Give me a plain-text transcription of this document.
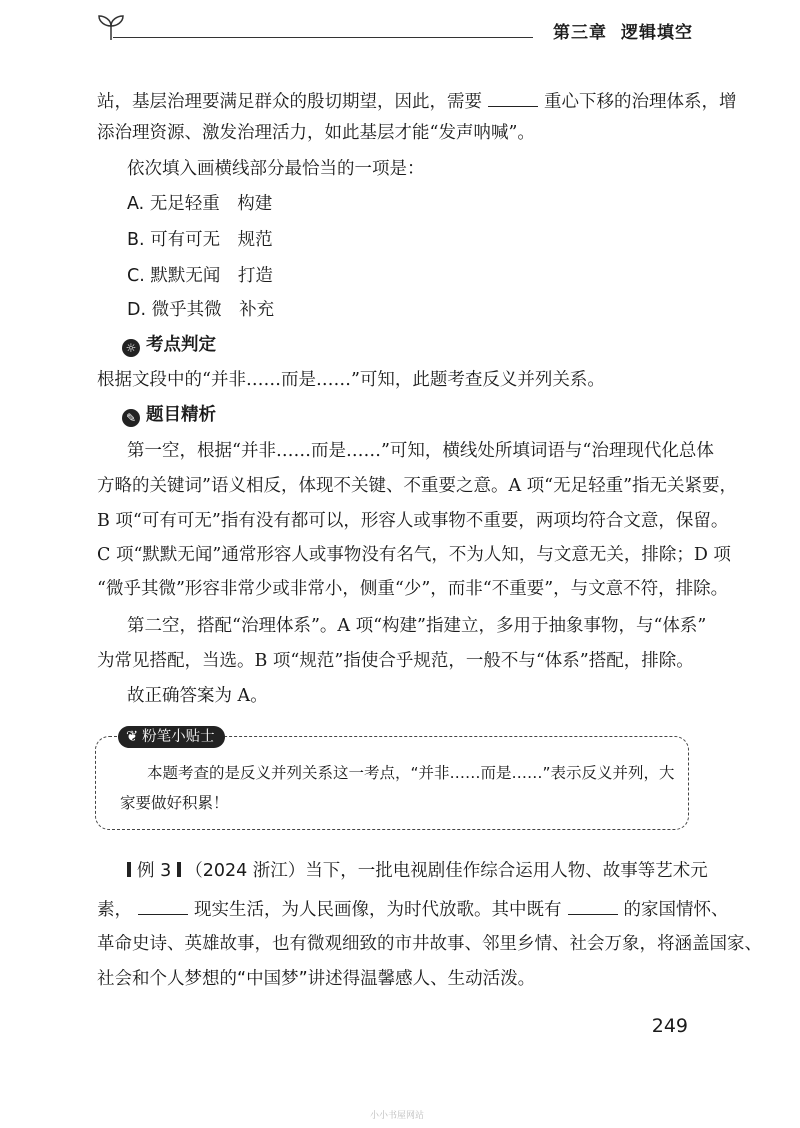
第三章 逻辑填空
站，基层治理要满足群众的殷切期望，因此，需要	重心下移的治理体系，增
添治理资源、激发治理活力，如此基层才能“发声呐喊”。
依次填入画横线部分最恰当的一项是：
A. 无足轻重　构建
B. 可有可无　规范
C. 默默无闻　打造
D. 微乎其微　补充
☼ 考点判定
根据文段中的“并非……而是……”可知，此题考查反义并列关系。
✎ 题目精析
第一空，根据“并非……而是……”可知，横线处所填词语与“治理现代化总体
方略的关键词”语义相反，体现不关键、不重要之意。A 项“无足轻重”指无关紧要，
B 项“可有可无”指有没有都可以，形容人或事物不重要，两项均符合文意，保留。
C 项“默默无闻”通常形容人或事物没有名气，不为人知，与文意无关，排除；D 项
“微乎其微”形容非常少或非常小，侧重“少”，而非“不重要”，与文意不符，排除。
第二空，搭配“治理体系”。A 项“构建”指建立，多用于抽象事物，与“体系”
为常见搭配，当选。B 项“规范”指使合乎规范，一般不与“体系”搭配，排除。
故正确答案为 A。
❦ 粉笔小贴士
本题考查的是反义并列关系这一考点，“并非……而是……”表示反义并列，大
家要做好积累！
例 3 （2024 浙江）当下，一批电视剧佳作综合运用人物、故事等艺术元
素，	现实生活，为人民画像，为时代放歌。其中既有	的家国情怀、
革命史诗、英雄故事，也有微观细致的市井故事、邻里乡情、社会万象，将涵盖国家、
社会和个人梦想的“中国梦”讲述得温馨感人、生动活泼。
249
小小书屋网站
